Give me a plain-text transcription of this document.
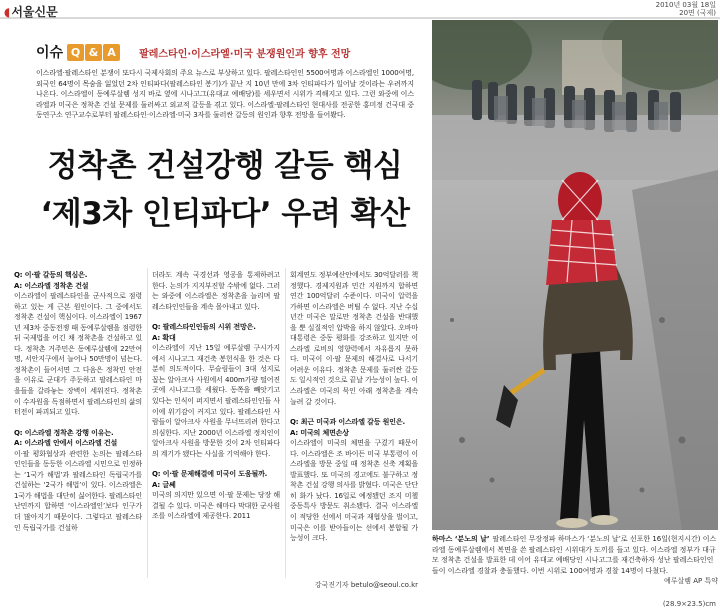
◖서울신문	2010년 03월 18일
20면 (국제)
이슈 Q & A	팔레스타인·이스라엘·미국 분쟁원인과 향후 전망
이스라엘·팔레스타인 분쟁이 또다시 국제사회의 주요 뉴스로 부상하고 있다. 팔레스타인인 5500여명과 이스라엘인 1000여명, 외국인 64명이 목숨을 잃었던 2차 인티파다(팔레스타인 봉기)가 끝난 지 10년 만에 3차 인티파다가 일어날 것이라는 우려까지 나온다. 이스라엘이 동예루살렘 성지 바로 옆에 시나고그(유대교 예배당)를 세우면서 시위가 격해지고 있다. 그런 와중에 이스라엘과 미국은 정착촌 건설 문제를 둘러싸고 외교적 갈등을 겪고 있다. 이스라엘·팔레스타인 현대사를 전공한 홍미정 건국대 중동연구소 연구교수로부터 팔레스타인·이스라엘·미국 3자를 둘러싼 갈등의 원인과 향후 전망을 들어봤다.
정착촌 건설강행 갈등 핵심
‘제3차 인티파다’ 우려 확산

Q: 이·팔 갈등의 핵심은.

A: 이스라엘 정착촌 건설

이스라엘이 팔레스타인을 군사적으로 점령하고 있는 게 근본 원인이다. 그 중에서도 정착촌 건설이 핵심이다. 이스라엘이 1967년 제3차 중동전쟁 때 동예루살렘을 점령한 뒤 국제법을 어긴 채 정착촌을 건설하고 있다. 정착촌 거주민은 동예루살렘에 22만여명, 서안지구에서 늘어나 50만명이 넘는다. 정착촌이 들어서면 그 다음은 정착민 안전을 이유로 군대가 주둔하고 팔레스타인 마을들을 갈라놓는 장벽이 세워진다. 정착촌이 수자원을 독점하면서 팔레스타인의 삶의 터전이 파괴되고 있다.

Q: 이스라엘 정착촌 강행 이유는.

A: 이스라엘 안에서 이스라엘 건설

이·팔 평화협상과 관련한 논의는 팔레스타인인들을 동등한 이스라엘 시민으로 인정하는 ‘1국가 해법’과 팔레스타인 독립국가를 건설하는 ‘2국가 해법’이 있다. 이스라엘은 1국가 해법을 대단히 싫어한다. 팔레스타인 난민까지 합하면 ‘이스라엘인’보다 인구가 더 많아지기 때문이다. 그렇다고 팔레스타인 독립국가를 건설하

더라도 계속 국경선과 영공을 통제하려고 한다. 논의가 지지부진할 수밖에 없다. 그러는 와중에 이스라엘은 정착촌을 늘리며 팔레스타인인들을 계속 몰아내고 있다.

Q: 팔레스타인인들의 시위 전망은.

A: 확대

이스라엘이 지난 15일 예루살렘 구시가지에서 시나고그 재건축 봉헌식을 한 것은 다분히 의도적이다. 무슬림들이 3대 성지로 꼽는 알아크사 사원에서 400m가량 떨어진 곳에 시나고그를 세웠다. 동쪽을 빼앗기고 있다는 인식이 퍼지면서 팔레스타인인들 사이에 위기감이 커지고 있다. 팔레스타인 사람들이 알아크사 사원을 무너뜨리려 한다고 의심한다. 지난 2000년 이스라엘 정치인이 알아크사 사원을 방문한 것이 2차 인티파다의 계기가 됐다는 사실을 기억해야 한다.

Q: 이·팔 문제해결에 미국이 도움될까.

A: 글쎄

미국의 의지만 있으면 이·팔 문제는 당장 해결될 수 있다. 미국은 해마다 막대한 군사원조를 이스라엘에 제공한다. 2011

회계연도 정부예산안에서도 30억달러를 책정했다. 경제지원과 민간 지원까지 합하면 연간 100억달러 수준이다. 미국이 압력을 가하면 이스라엘은 버틸 수 없다. 지난 수십 년간 미국은 말로만 정착촌 건설을 반대했을 뿐 실질적인 압박을 하지 않았다. 오바마 대통령은 중동 평화를 강조하고 있지만 이스라엘 로비의 영향력에서 자유롭지 못하다. 미국이 이·팔 문제의 해결사로 나서기 어려운 이유다. 정착촌 문제를 둘러싼 갈등도 일시적인 것으로 끝날 가능성이 높다. 이스라엘은 미국의 묵인 아래 정착촌을 계속 늘려 갈 것이다.

Q: 최근 미국과 이스라엘 갈등 원인은.

A: 미국의 체면손상

이스라엘이 미국의 체면을 구겼기 때문이다. 이스라엘은 조 바이든 미국 부통령이 이스라엘을 방문 중일 때 정착촌 신축 계획을 발표했다. 또 미국의 경고에도 불구하고 정착촌 건설 강행 의사를 밝혔다. 미국은 단단히 화가 났다. 16일로 예정됐던 조지 미첼 중동특사 방문도 취소됐다. 결국 이스라엘이 적당한 선에서 미국과 재협상을 벌이고, 미국은 이를 받아들이는 선에서 봉합될 가능성이 크다.

강국진기자 betulo@seoul.co.kr
하마스 ‘분노의 날’ 팔레스타인 무장정파 하마스가 ‘분노의 날’로 선포한 16일(현지시간) 이스라엘 동예루살렘에서 복면을 쓴 팔레스타인 시위대가 도끼를 들고 있다. 이스라엘 정부가 대규모 정착촌 건설을 발표한 데 이어 유대교 예배당인 시나고그를 재건축하자 성난 팔레스타인인들이 이스라엘 경찰과 충돌했다. 이번 시위로 100여명과 경찰 14명이 다쳤다.
예루살렘 AP 특약
(28.9×23.5)cm
